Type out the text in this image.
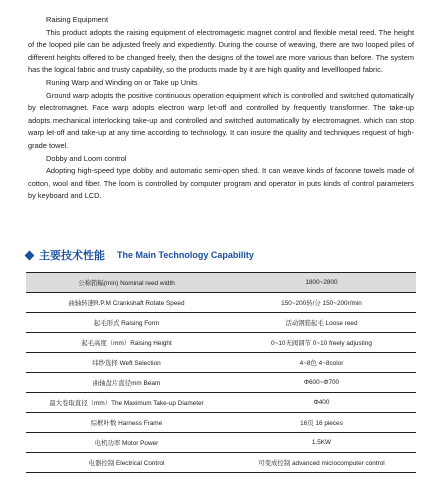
Raising Equipment

This product adopts the raising equipment of electromagetic magnet control and flexible metal reed. The height of the looped pile can be adjusted freely and expediently. During the course of weaving, there are two looped piles of different heights offered to be changed freely, then the designs of the towel are more various than before. The system has the logical fabric and trusty capability, so the products made by it are high quality and levelllooped fabric.

Runing Warp and Winding on or Take up Units

Ground warp adopts the positive continuous operation equipment which is controlled and switched qutomatically by electromagnet. Face warp adopts electron warp let-off and controlled by frequently transformer. The take-up adopts mechanical interlocking take-up and controlled and switched automatically by electromagnet. which can stop warp let-off and take-up at any time according to technology. It can insure the quality and techniques request of high-grade towel.

Dobby and Loom control

Adopting high-speed type dobby and automatic semi-open shed. It can weave kinds of faconne towels made of cotton, wool and fiber. The loom is controlled by computer program and operator in puts kinds of control parameters by keyboard and LCD.

主要技术性能 The Main Technology Capability
公称筘幅(min) Nominal reed width	1800~2800
曲轴转速R.P.M Crankshaft Rotate Speed	150~200转/分 150~200r/min
起毛形式 Raising Form	活动钢筘起毛 Loose reed
起毛高度（mm）Raising Height	0~10无阀调节 0~10 freely adjusting
纬纱选择 Weft Selection	4~8色 4~8color
曲轴盘片直径mm Beam	Φ600~Φ700
最大卷取直径（mm）The Maximum Take-up Diameter	Φ400
综框叶数 Harness Frame	16页 16 pieces
电机功率 Motor Power	1.5KW
电器控制 Electrical Control	可变成控制 advanced microcomputer control
